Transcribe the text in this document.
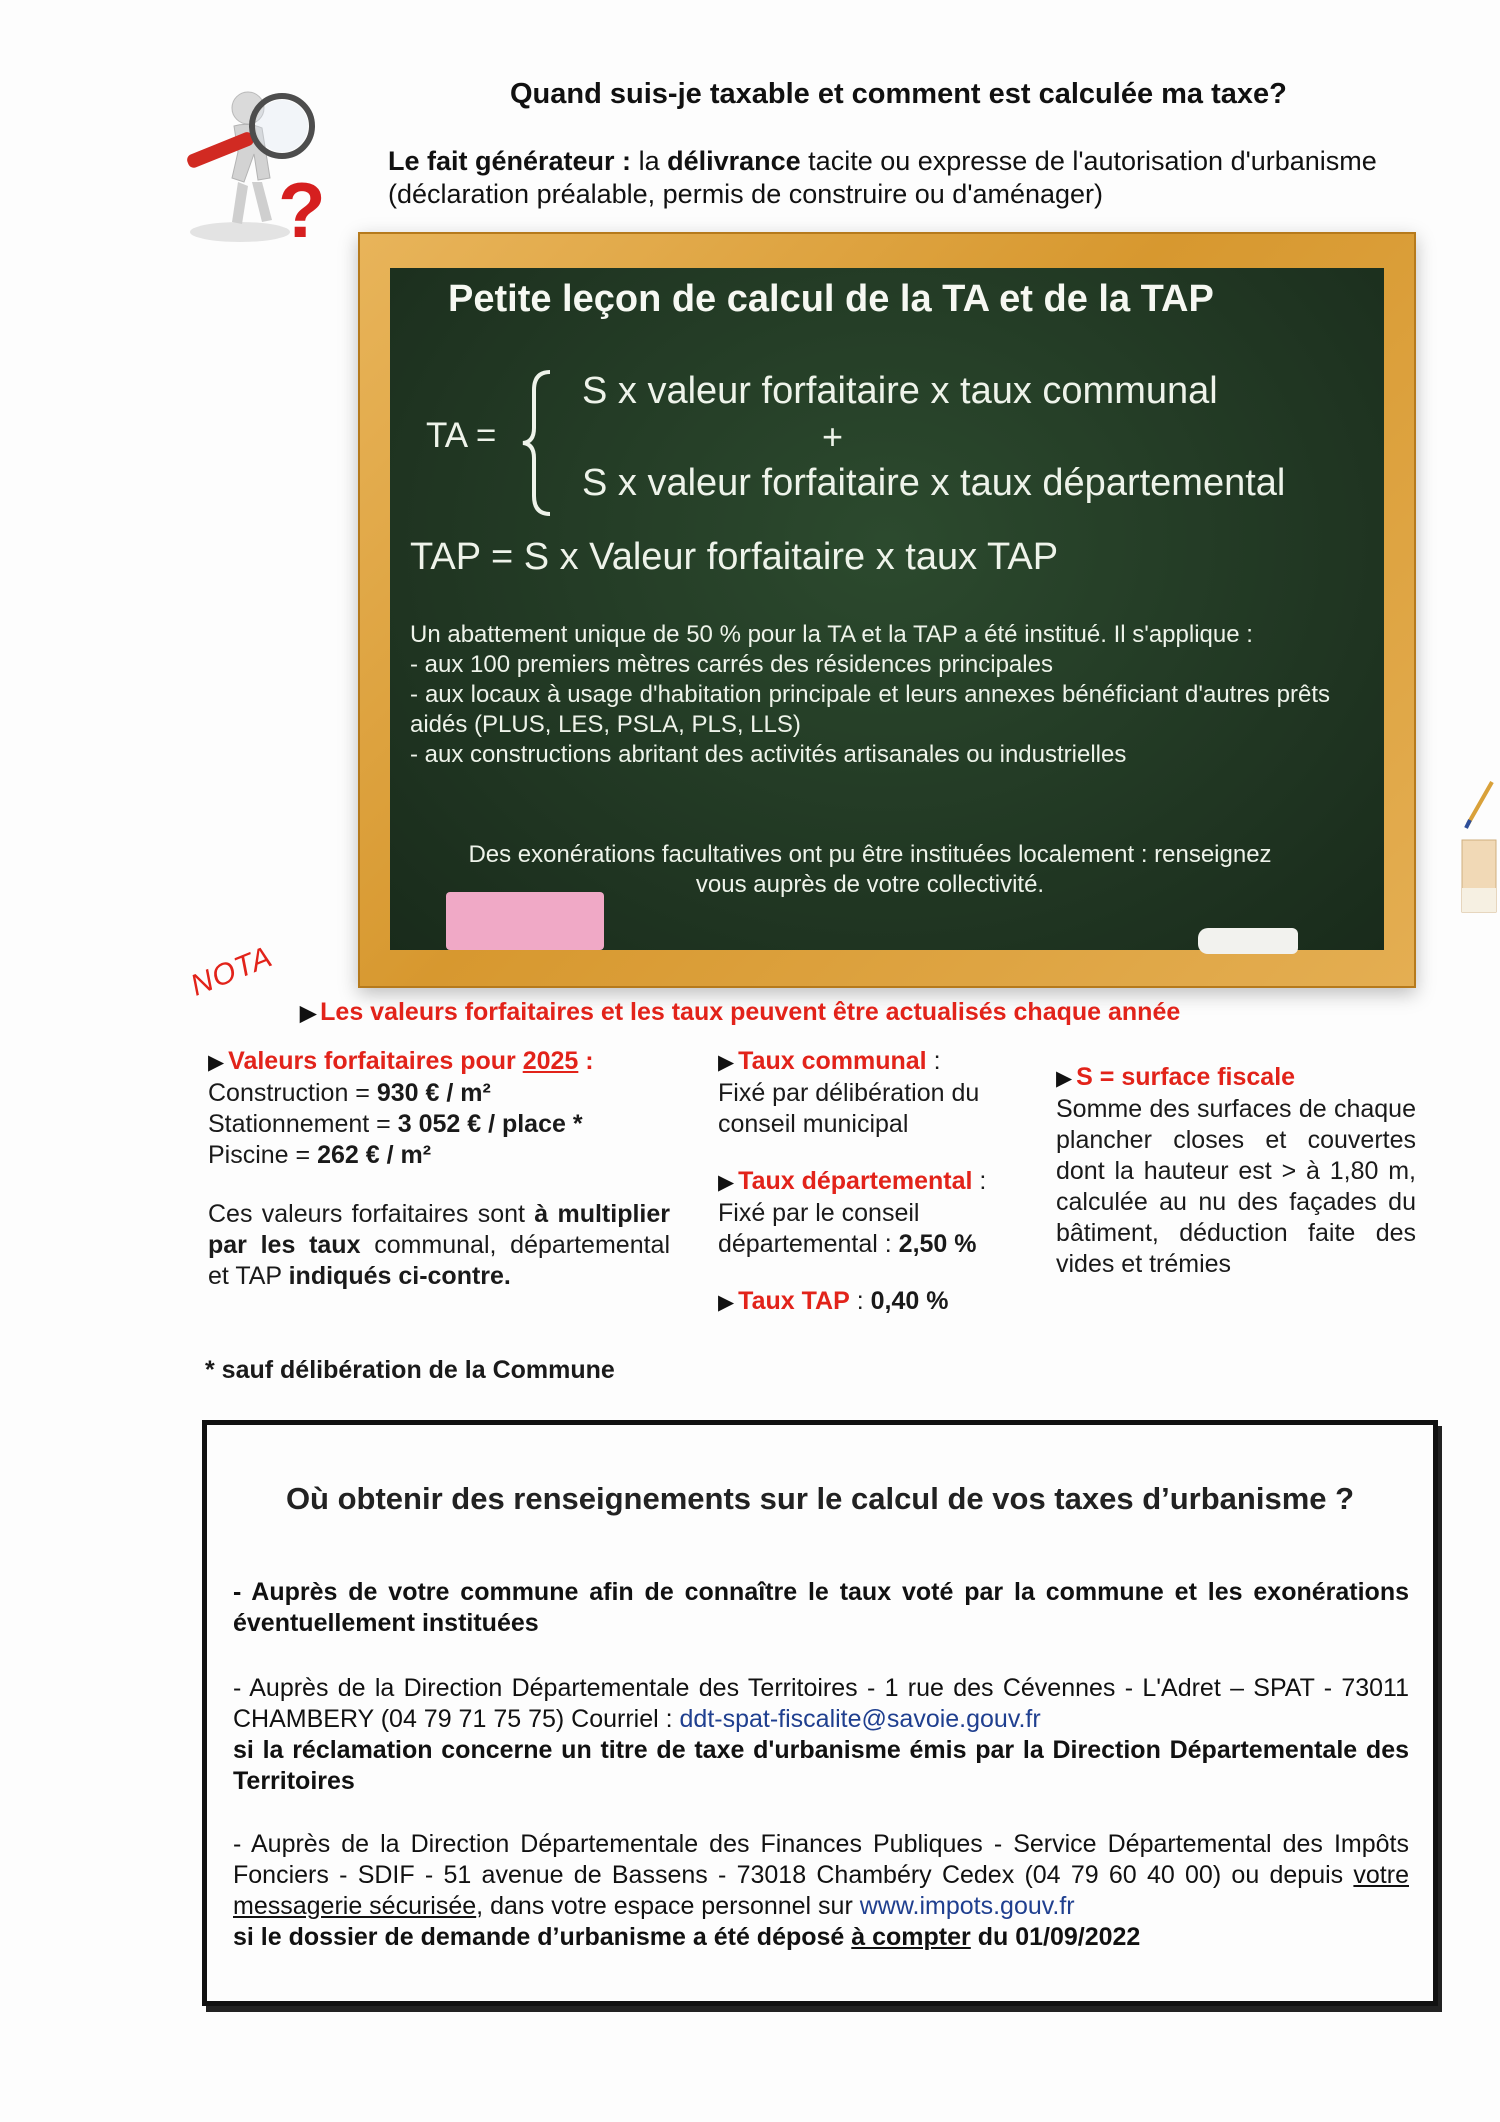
?
Quand suis-je taxable et comment est calculée ma taxe?
Le fait générateur : la délivrance tacite ou expresse de l'autorisation d'urbanisme (déclaration préalable, permis de construire ou d'aménager)
Petite leçon de calcul de la TA et de la TAP
TA =
S x valeur forfaitaire x taux communal
+
S x valeur forfaitaire x taux départemental
TAP = S x Valeur forfaitaire x taux TAP

Un abattement unique de 50 % pour la TA et la TAP a été institué. Il s'applique :

- aux 100 premiers mètres carrés des résidences principales

- aux locaux à usage d'habitation principale et leurs annexes bénéficiant d'autres prêts aidés (PLUS, LES, PSLA, PLS, LLS)

- aux constructions abritant des activités artisanales ou industrielles

Des exonérations facultatives ont pu être instituées localement : renseignez vous auprès de votre collectivité.
NOTA
▶ Les valeurs forfaitaires et les taux peuvent être actualisés chaque année
▶ Valeurs forfaitaires pour 2025 :
Construction = 930 € / m²
Stationnement = 3 052 € / place *
Piscine = 262 € / m²
Ces valeurs forfaitaires sont à multiplier par les taux communal, départemental et TAP indiqués ci-contre.
▶ Taux communal :
Fixé par délibération du conseil municipal
▶ Taux départemental :
Fixé par le conseil départemental : 2,50 %
▶ Taux TAP : 0,40 %
▶ S = surface fiscale
Somme des surfaces de chaque plancher closes et couvertes dont la hauteur est > à 1,80 m, calculée au nu des façades du bâtiment, déduction faite des vides et trémies
* sauf délibération de la Commune
Où obtenir des renseignements sur le calcul de vos taxes d’urbanisme ?
- Auprès de votre commune afin de connaître le taux voté par la commune et les exonérations éventuellement instituées
- Auprès de la Direction Départementale des Territoires - 1 rue des Cévennes - L'Adret – SPAT - 73011 CHAMBERY (04 79 71 75 75) Courriel : ddt-spat-fiscalite@savoie.gouv.fr
si la réclamation concerne un titre de taxe d'urbanisme émis par la Direction Départementale des Territoires
- Auprès de la Direction Départementale des Finances Publiques - Service Départemental des Impôts Fonciers - SDIF - 51 avenue de Bassens - 73018 Chambéry Cedex (04 79 60 40 00) ou depuis votre messagerie sécurisée, dans votre espace personnel sur www.impots.gouv.fr
si le dossier de demande d’urbanisme a été déposé à compter du 01/09/2022
